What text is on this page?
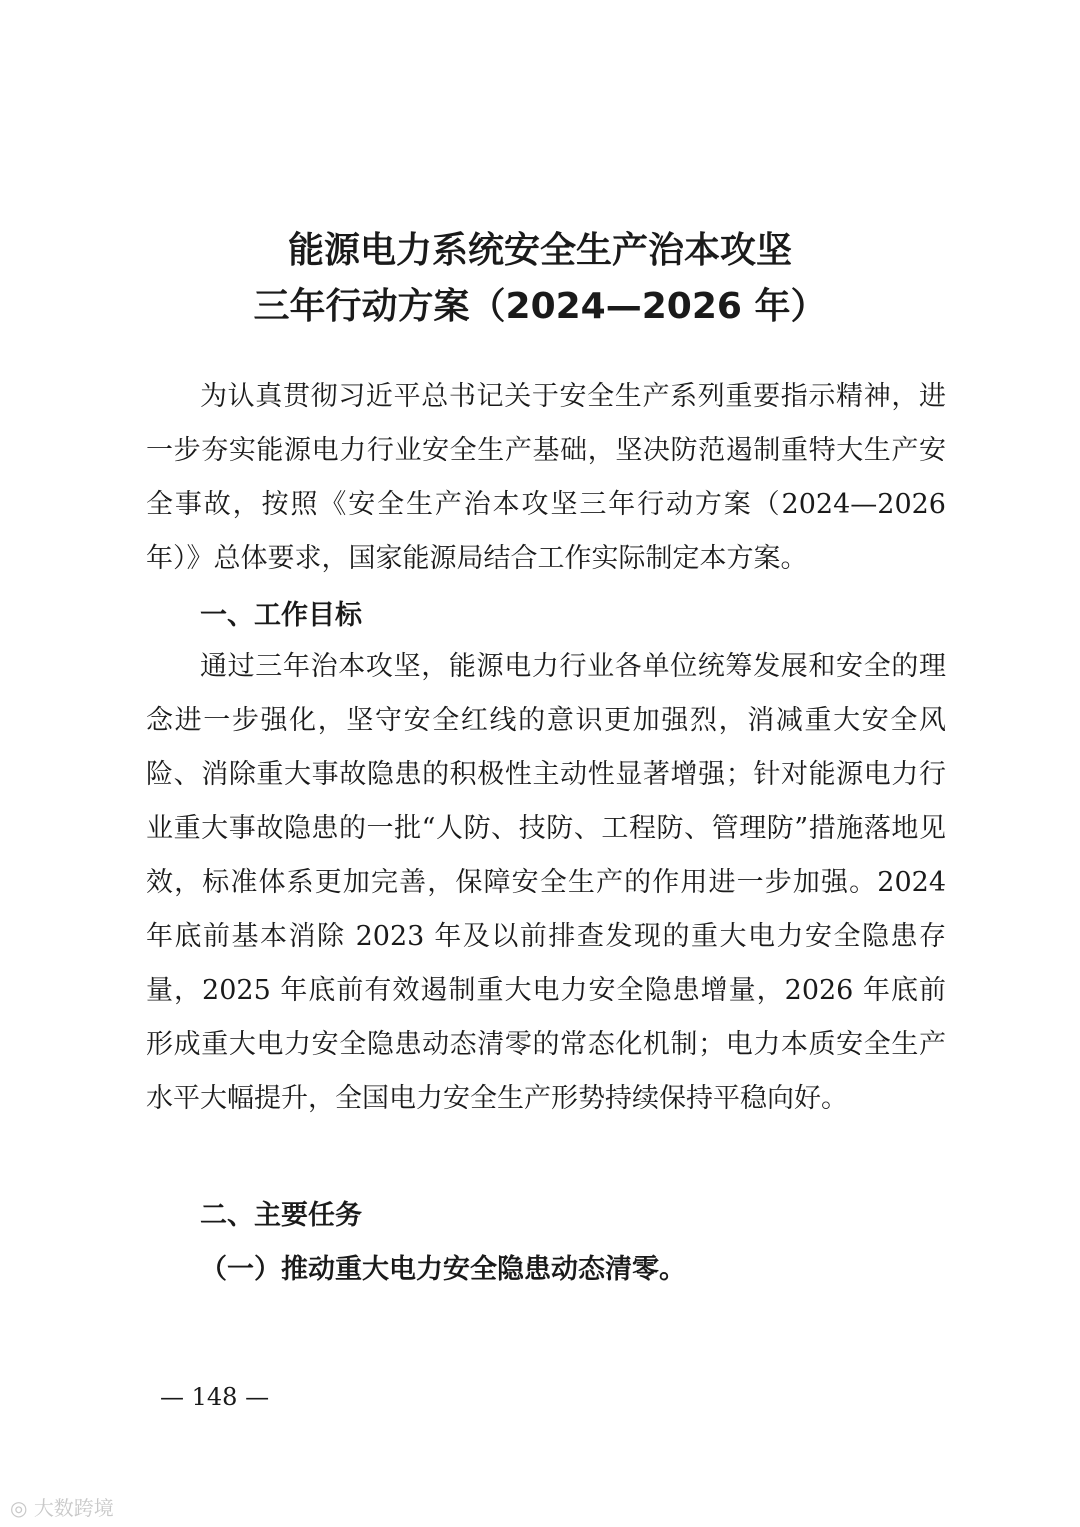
能源电力系统安全生产治本攻坚
三年行动方案（2024—2026 年）

为认真贯彻习近平总书记关于安全生产系列重要指示精神，进一步夯实能源电力行业安全生产基础，坚决防范遏制重特大生产安全事故，按照《安全生产治本攻坚三年行动方案（2024—2026 年）》总体要求，国家能源局结合工作实际制定本方案。

一、工作目标

通过三年治本攻坚，能源电力行业各单位统筹发展和安全的理念进一步强化，坚守安全红线的意识更加强烈，消减重大安全风险、消除重大事故隐患的积极性主动性显著增强；针对能源电力行业重大事故隐患的一批“人防、技防、工程防、管理防”措施落地见效，标准体系更加完善，保障安全生产的作用进一步加强。2024 年底前基本消除 2023 年及以前排查发现的重大电力安全隐患存量，2025 年底前有效遏制重大电力安全隐患增量，2026 年底前形成重大电力安全隐患动态清零的常态化机制；电力本质安全生产水平大幅提升，全国电力安全生产形势持续保持平稳向好。

二、主要任务
（一）推动重大电力安全隐患动态清零。
— 148 —
◎ 大数跨境
